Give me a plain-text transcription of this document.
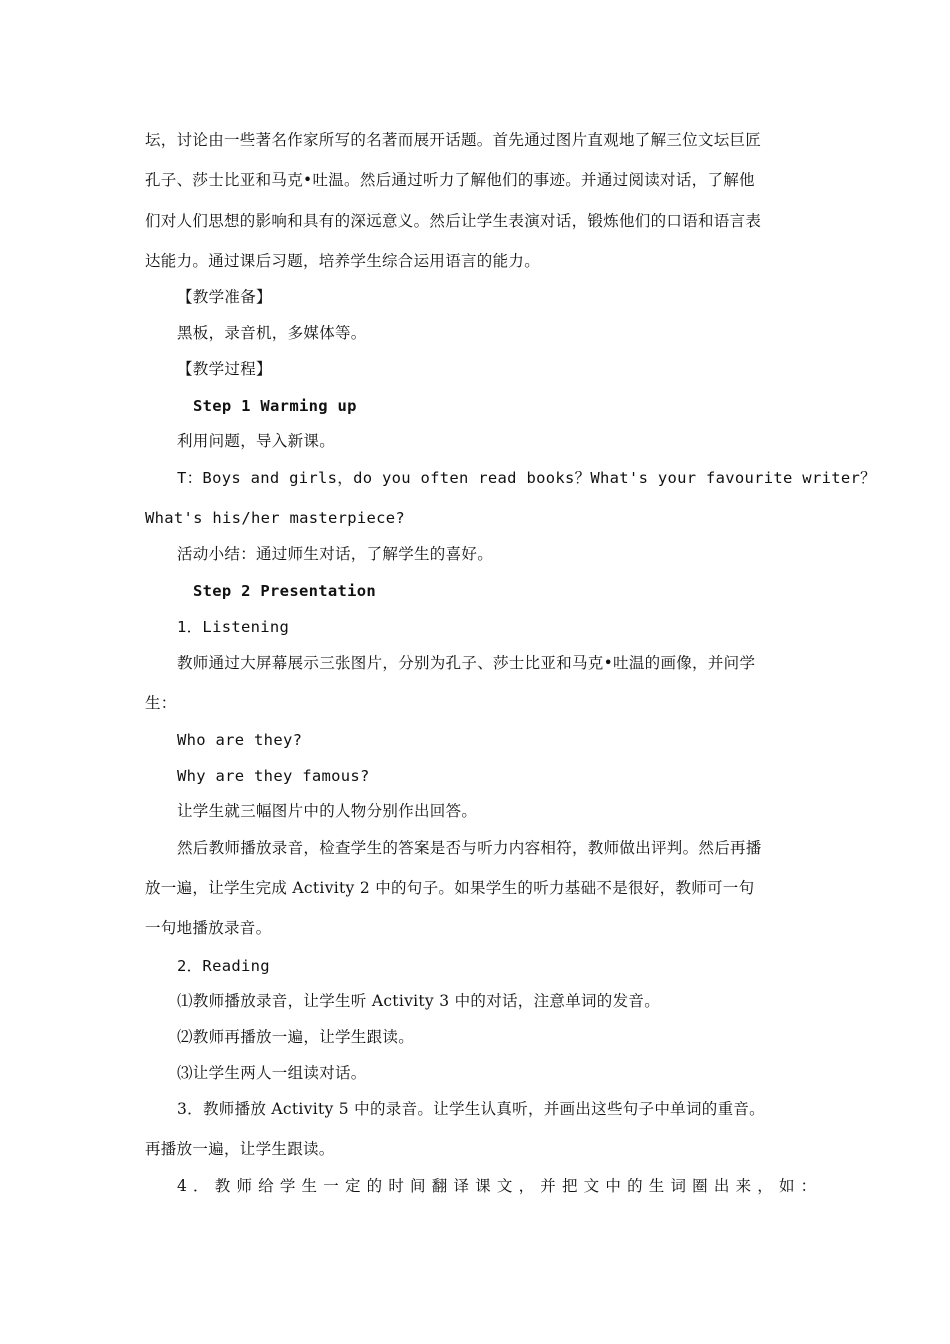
坛，讨论由一些著名作家所写的名著而展开话题。首先通过图片直观地了解三位文坛巨匠
孔子、莎士比亚和马克•吐温。然后通过听力了解他们的事迹。并通过阅读对话，了解他
们对人们思想的影响和具有的深远意义。然后让学生表演对话，锻炼他们的口语和语言表
达能力。通过课后习题，培养学生综合运用语言的能力。
【教学准备】
黑板，录音机，多媒体等。
【教学过程】
Step 1 Warming up
利用问题，导入新课。
T：Boys and girls，do you often read books？What's your favourite writer？
What's his/her masterpiece?
活动小结：通过师生对话，了解学生的喜好。
Step 2 Presentation
1．Listening
教师通过大屏幕展示三张图片，分别为孔子、莎士比亚和马克•吐温的画像，并问学
生：
Who are they?
Why are they famous?
让学生就三幅图片中的人物分别作出回答。
然后教师播放录音，检查学生的答案是否与听力内容相符，教师做出评判。然后再播
放一遍，让学生完成 Activity 2 中的句子。如果学生的听力基础不是很好，教师可一句
一句地播放录音。
2．Reading
⑴教师播放录音，让学生听 Activity 3 中的对话，注意单词的发音。
⑵教师再播放一遍，让学生跟读。
⑶让学生两人一组读对话。
3．教师播放 Activity 5 中的录音。让学生认真听，并画出这些句子中单词的重音。
再播放一遍，让学生跟读。
4．教师给学生一定的时间翻译课文，并把文中的生词圈出来，如：
